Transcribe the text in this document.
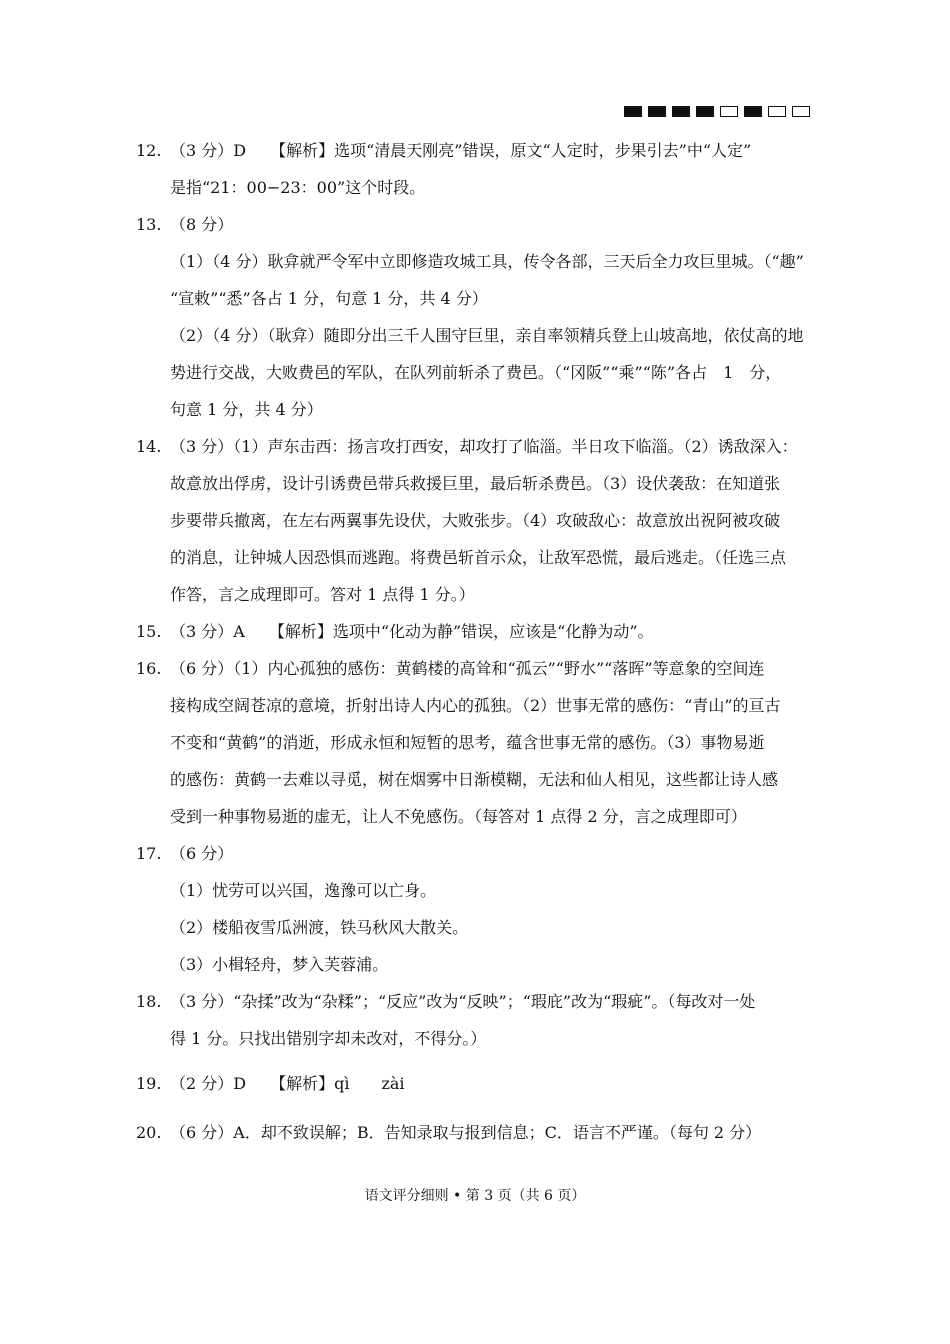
12. （3 分）D　　【解析】选项“清晨天刚亮”错误，原文“人定时，步果引去”中“人定”
是指“21：00−23：00”这个时段。
13. （8 分）
（1）（4 分）耿弇就严令军中立即修造攻城工具，传令各部，三天后全力攻巨里城。（“趣”
“宣敕”“悉”各占 1 分，句意 1 分，共 4 分）
（2）（4 分）（耿弇）随即分出三千人围守巨里，亲自率领精兵登上山坡高地，依仗高的地
势进行交战，大败费邑的军队，在队列前斩杀了费邑。（“冈阪”“乘”“陈”各占　1　分，
句意 1 分，共 4 分）
14. （3 分）（1）声东击西：扬言攻打西安，却攻打了临淄。半日攻下临淄。（2）诱敌深入：
故意放出俘虏，设计引诱费邑带兵救援巨里，最后斩杀费邑。（3）设伏袭敌：在知道张
步要带兵撤离，在左右两翼事先设伏，大败张步。（4）攻破敌心：故意放出祝阿被攻破
的消息，让钟城人因恐惧而逃跑。将费邑斩首示众，让敌军恐慌，最后逃走。（任选三点
作答，言之成理即可。答对 1 点得 1 分。）
15. （3 分）A　　【解析】选项中“化动为静”错误，应该是“化静为动”。
16. （6 分）（1）内心孤独的感伤：黄鹤楼的高耸和“孤云”“野水”“落晖”等意象的空间连
接构成空阔苍凉的意境，折射出诗人内心的孤独。（2）世事无常的感伤：“青山”的亘古
不变和“黄鹤”的消逝，形成永恒和短暂的思考，蕴含世事无常的感伤。（3）事物易逝
的感伤：黄鹤一去难以寻觅，树在烟雾中日渐模糊，无法和仙人相见，这些都让诗人感
受到一种事物易逝的虚无，让人不免感伤。（每答对 1 点得 2 分，言之成理即可）
17. （6 分）
（1）忧劳可以兴国，逸豫可以亡身。
（2）楼船夜雪瓜洲渡，铁马秋风大散关。
（3）小楫轻舟，梦入芙蓉浦。
18. （3 分）“杂揉”改为“杂糅”；“反应”改为“反映”；“瑕庇”改为“瑕疵”。（每改对一处
得 1 分。只找出错别字却未改对，不得分。）
19. （2 分）D　　【解析】qì　　zài
20. （6 分）A．却不致误解；B．告知录取与报到信息；C．语言不严谨。（每句 2 分）
语文评分细则 • 第 3 页（共 6 页）
